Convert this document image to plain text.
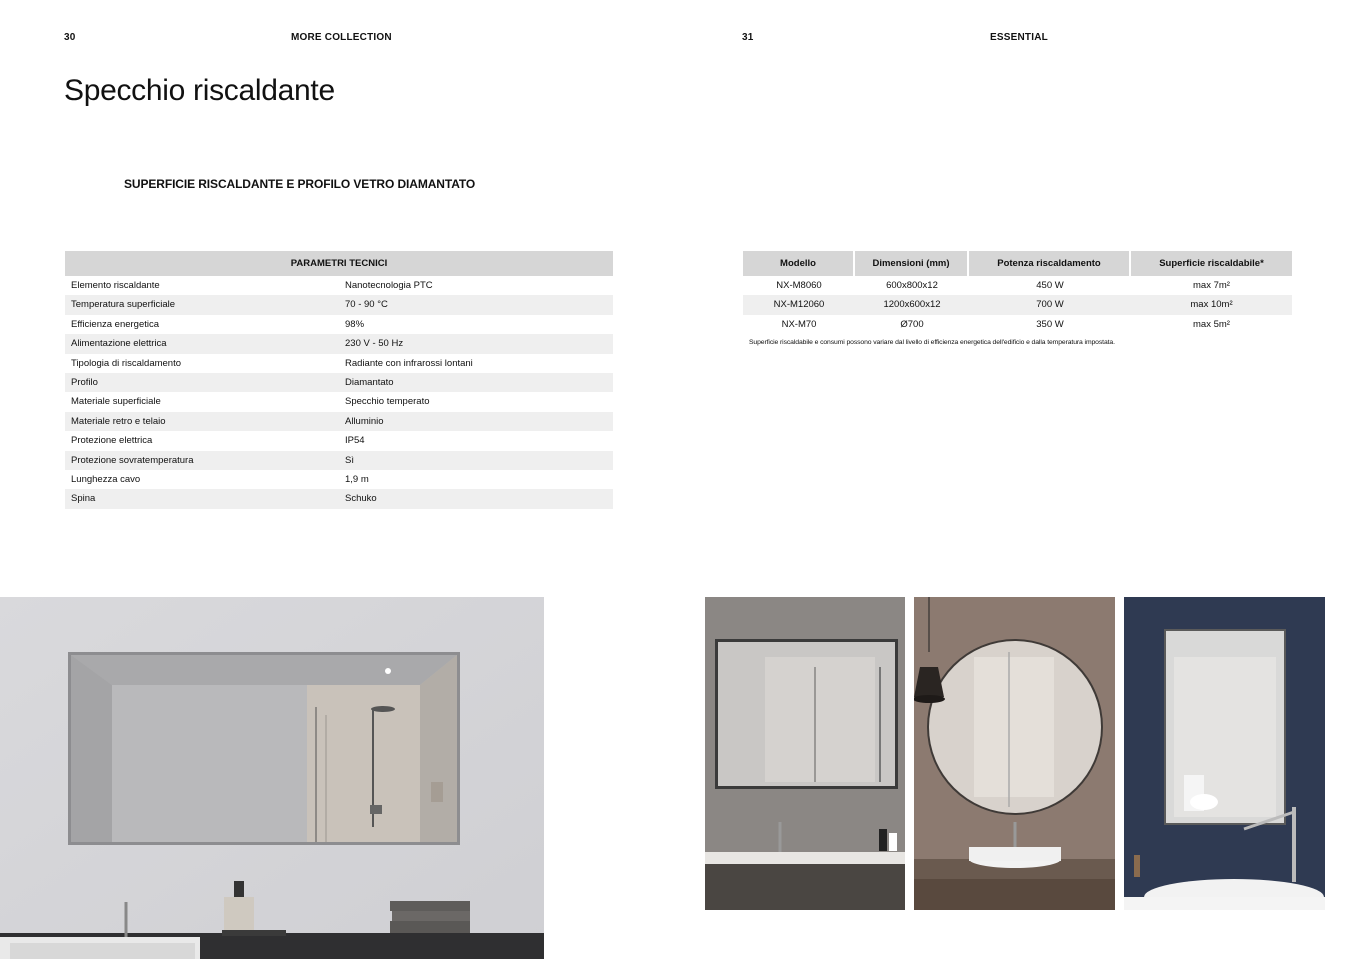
30	MORE COLLECTION	31	ESSENTIAL
Specchio riscaldante
SUPERFICIE RISCALDANTE E PROFILO VETRO DIAMANTATO
PARAMETRI TECNICI
Elemento riscaldante	Nanotecnologia PTC
Temperatura superficiale	70 - 90 °C
Efficienza energetica	98%
Alimentazione elettrica	230 V - 50 Hz
Tipologia di riscaldamento	Radiante con infrarossi lontani
Profilo	Diamantato
Materiale superficiale	Specchio temperato
Materiale retro e telaio	Alluminio
Protezione elettrica	IP54
Protezione sovratemperatura	Sì
Lunghezza cavo	1,9 m
Spina	Schuko
Modello	Dimensioni (mm)	Potenza riscaldamento	Superficie riscaldabile*
NX-M8060	600x800x12	450 W	max 7m²
NX-M12060	1200x600x12	700 W	max 10m²
NX-M70	Ø700	350 W	max 5m²
Superficie riscaldabile e consumi possono variare dal livello di efficienza energetica dell'edificio e dalla temperatura impostata.
